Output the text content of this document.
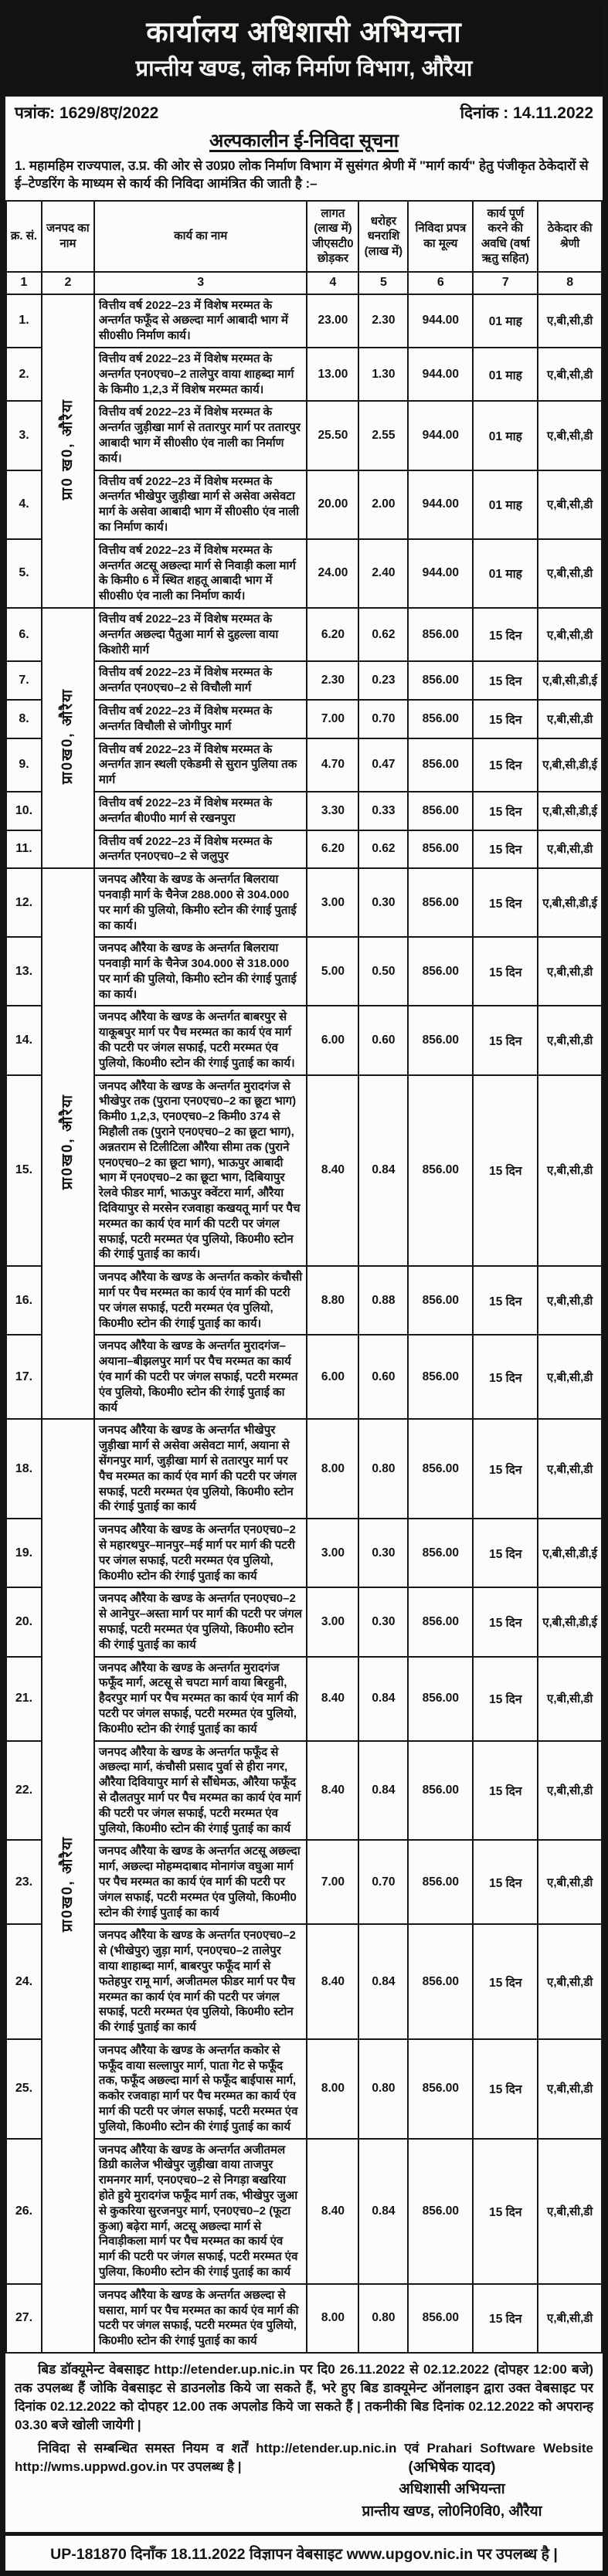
कार्यालय अधिशासी अभियन्ता
प्रान्तीय खण्ड, लोक निर्माण विभाग, औरैया
पत्रांक: 1629/8ए/2022	दिनांक : 14.11.2022
अल्पकालीन ई-निविदा सूचना

1. महामहिम राज्यपाल, उ.प्र. की ओर से उ0प्र0 लोक निर्माण विभाग में सुसंगत श्रेणी में "मार्ग कार्य" हेतु पंजीकृत ठेकेदारों से ई–टेण्डरिंग के माध्यम से कार्य की निविदा आमंत्रित की जाती है :–

क्र. सं.	जनपद का नाम	कार्य का नाम	लागत (लाख में) जीएसटी0 छोड़कर	धरोहर धनराशि (लाख में)	निविदा प्रपत्र का मूल्य	कार्य पूर्ण करने की अवधि (वर्षा ऋतु सहित)	ठेकेदार की श्रेणी
1	2	3	4	5	6	7	8
1.	प्रा0 ख0, औरैया	वित्तीय वर्ष 2022–23 में विशेष मरम्मत के अन्तर्गत फफूँद से अछल्दा मार्ग आबादी भाग में सी0सी0 निर्माण कार्य।	23.00	2.30	944.00	01 माह	ए,बी,सी,डी
2.		वित्तीय वर्ष 2022–23 में विशेष मरम्मत के अन्तर्गत एन0एच0–2 तालेपुर वाया शाहब्दा मार्ग के किमी0 1,2,3 में विशेष मरम्मत कार्य।	13.00	1.30	944.00	01 माह	ए,बी,सी,डी
3.		वित्तीय वर्ष 2022–23 में विशेष मरम्मत के अन्तर्गत जुड़ीखा मार्ग से ततारपुर मार्ग पर ततारपुर आबादी भाग में सी0सी0 एंव नाली का निर्माण कार्य।	25.50	2.55	944.00	01 माह	ए,बी,सी,डी
4.		वित्तीय वर्ष 2022–23 में विशेष मरम्मत के अन्तर्गत भीखेपुर जुड़ीखा मार्ग से असेवा असेवटा मार्ग के असेवा आबादी भाग में सी0सी0 एंव नाली का निर्माण कार्य।	20.00	2.00	944.00	01 माह	ए,बी,सी,डी
5.		वित्तीय वर्ष 2022–23 में विशेष मरम्मत के अन्तर्गत अटसू अछल्दा मार्ग से निवाड़ी कला मार्ग के किमी0 6 में स्थित शहतू आबादी भाग में सी0सी0 एंव नाली का निर्माण कार्य।	24.00	2.40	944.00	01 माह	ए,बी,सी,डी
6.	प्रा0ख0, औरैया	वित्तीय वर्ष 2022–23 में विशेष मरम्मत के अन्तर्गत अछल्दा पैतुआ मार्ग से दुहल्ला वाया किशोरी मार्ग	6.20	0.62	856.00	15 दिन	ए,बी,सी,डी
7.		वित्तीय वर्ष 2022–23 में विशेष मरम्मत के अन्तर्गत एन0एच0–2 से विचौली मार्ग	2.30	0.23	856.00	15 दिन	ए,बी,सी,डी,ई
8.		वित्तीय वर्ष 2022–23 में विशेष मरम्मत के अन्तर्गत विचौली से जोगीपुर मार्ग	7.00	0.70	856.00	15 दिन	ए,बी,सी,डी
9.		वित्तीय वर्ष 2022–23 में विशेष मरम्मत के अन्तर्गत ज्ञान स्थली एकेडमी से सुरान पुलिया तक मार्ग	4.70	0.47	856.00	15 दिन	ए,बी,सी,डी,ई
10.		वित्तीय वर्ष 2022–23 में विशेष मरम्मत के अन्तर्गत बी0पी0 मार्ग से रखनपुरा	3.30	0.33	856.00	15 दिन	ए,बी,सी,डी,ई
11.		वित्तीय वर्ष 2022–23 में विशेष मरम्मत के अन्तर्गत एन0एच0–2 से जलुपुर	6.20	0.62	856.00	15 दिन	ए,बी,सी,डी
12.	प्रा0ख0, औरैया	जनपद औरैया के खण्ड के अन्तर्गत बिलराया पनवाड़ी मार्ग के चैनेज 288.000 से 304.000 पर मार्ग की पुलियो, किमी0 स्टोन की रंगाई पुताई का कार्य।	3.00	0.30	856.00	15 दिन	ए,बी,सी,डी,ई
13.		जनपद औरैया के खण्ड के अन्तर्गत बिलराया पनवाड़ी मार्ग के चैनेज 304.000 से 318.000 पर मार्ग की पुलियो, किमी0 स्टोन की रंगाई पुताई का कार्य।	5.00	0.50	856.00	15 दिन	ए,बी,सी,डी
14.		जनपद औरैया के खण्ड के अन्तर्गत बाबरपुर से याकूबपुर मार्ग पर पैच मरम्मत का कार्य एंव मार्ग की पटरी पर जंगल सफाई, पटरी मरम्मत एंव पुलियो, कि0मी0 स्टोन की रंगाई पुताई का कार्य।	6.00	0.60	856.00	15 दिन	ए,बी,सी,डी
15.		जनपद औरैया के खण्ड के अन्तर्गत मुरादगंज से भीखेपुर तक (पुराना एन0एच0–2 का छूटा भाग) किमी0 1,2,3, एन0एच0–2 किमी0 374 से मिहौली तक (पुराने एन0एच0–2 का छूटा भाग), अन्नतराम से टिलीटिला औरैया सीमा तक (पुराने एन0एच0–2 का छूटा भाग), भाऊपुर आबादी भाग में एन0एच0–2 का छूटा भाग, दिबियापुर रेलवे फीडर मार्ग, भाऊपुर क्वेंटरा मार्ग, औरैया दिवियापुर से मरसेन रजवाहा कखयतू मार्ग पर पैच मरम्मत का कार्य एंव मार्ग की पटरी पर जंगल सफाई, पटरी मरम्मत एंव पुलियो, कि0मी0 स्टोन की रंगाई पुताई का कार्य।	8.40	0.84	856.00	15 दिन	ए,बी,सी,डी
16.		जनपद औरैया के खण्ड के अन्तर्गत ककोर कंचौसी मार्ग पर पैच मरम्मत का कार्य एंव मार्ग की पटरी पर जंगल सफाई, पटरी मरम्मत एंव पुलियो, कि0मी0 स्टोन की रंगाई पुताई का कार्य।	8.80	0.88	856.00	15 दिन	ए,बी,सी,डी
17.		जनपद औरैया के खण्ड के अन्तर्गत मुरादगंज–अयाना–बीझलपुर मार्ग पर पैच मरम्मत का कार्य एंव मार्ग की पटरी पर जंगल सफाई, पटरी मरम्मत एंव पुलियो, कि0मी0 स्टोन की रंगाई पुताई का कार्य	6.00	0.60	856.00	15 दिन	ए,बी,सी,डी
18.	प्रा0ख0, औरैया	जनपद औरैया के खण्ड के अन्तर्गत भीखेपुर जुड़ीखा मार्ग से असेवा असेवटा मार्ग, अयाना से सेंगनपुर मार्ग, जुड़ीखा मार्ग से ततारपुर मार्ग पर पैच मरम्मत का कार्य एंव मार्ग की पटरी पर जंगल सफाई, पटरी मरम्मत एंव पुलियो, कि0मी0 स्टोन की रंगाई पुताई का कार्य	8.00	0.80	856.00	15 दिन	ए,बी,सी,डी
19.		जनपद औरैया के खण्ड के अन्तर्गत एन0एच0–2 से महारथपुर–मानपुर–मई मार्ग पर मार्ग की पटरी पर जंगल सफाई, पटरी मरम्मत एंव पुलियो, कि0मी0 स्टोन की रंगाई पुताई का कार्य	3.00	0.30	856.00	15 दिन	ए,बी,सी,डी,ई
20.		जनपद औरैया के खण्ड के अन्तर्गत एन0एच0–2 से आनेपुर–अस्ता मार्ग पर मार्ग की पटरी पर जंगल सफाई, पटरी मरम्मत एंव पुलियो, कि0मी0 स्टोन की रंगाई पुताई का कार्य	3.00	0.30	856.00	15 दिन	ए,बी,सी,डी,ई
21.		जनपद औरैया के खण्ड के अन्तर्गत मुरादगंज फफूँद मार्ग, अटसू से चपटा मार्ग वाया बिरहुनी, हैदरपुर मार्ग पर पैच मरम्मत का कार्य एंव मार्ग की पटरी पर जंगल सफाई, पटरी मरम्मत एंव पुलियो, कि0मी0 स्टोन की रंगाई पुताई का कार्य	8.40	0.84	856.00	15 दिन	ए,बी,सी,डी
22.		जनपद औरैया के खण्ड के अन्तर्गत फफूँद से अछल्दा मार्ग, कंचौसी प्रसाद पुर्वा से हीरा नगर, औरैया दिवियापुर मार्ग से सौंधेमऊ, औरैया फफूँद से दौलतपुर मार्ग पर पैच मरम्मत का कार्य एंव मार्ग की पटरी पर जंगल सफाई, पटरी मरम्मत एंव पुलियो, कि0मी0 स्टोन की रंगाई पुताई का कार्य	8.40	0.84	856.00	15 दिन	ए,बी,सी,डी
23.		जनपद औरैया के खण्ड के अन्तर्गत अटसू अछल्दा मार्ग, अछल्दा मोहम्मदाबाद मोनागंज वघुआ मार्ग पर पैच मरम्मत का कार्य एंव मार्ग की पटरी पर जंगल सफाई, पटरी मरम्मत एंव पुलियो, कि0मी0 स्टोन की रंगाई पुताई का कार्य	7.00	0.70	856.00	15 दिन	ए,बी,सी,डी
24.		जनपद औरैया के खण्ड के अन्तर्गत एन0एच0–2 से (भीखेपुर) जुड़ा मार्ग, एन0एच0–2 तालेपुर वाया शाहाब्दा मार्ग, बाबरपुर फफूँद मार्ग से फतेहपुर रामू मार्ग, अजीतमल फीडर मार्ग पर पैच मरम्मत का कार्य एंव मार्ग की पटरी पर जंगल सफाई, पटरी मरम्मत एंव पुलियो, कि0मी0 स्टोन की रंगाई पुताई का कार्य	8.40	0.84	856.00	15 दिन	ए,बी,सी,डी
25.		जनपद औरैया के खण्ड के अन्तर्गत ककोर से फफूँद वाया सल्लापुर मार्ग, पाता गेट से फफूँद तक, फफूँद अछल्दा मार्ग से फफूँद बाईपास मार्ग, ककोर रजवाहा मार्ग पर पैच मरम्मत का कार्य एंव मार्ग की पटरी पर जंगल सफाई, पटरी मरम्मत एंव पुलियो, कि0मी0 स्टोन की रंगाई पुताई का कार्य	8.00	0.80	856.00	15 दिन	ए,बी,सी,डी
26.		जनपद औरैया के खण्ड के अन्तर्गत अजीतमल डिग्री कालेज भीखेपुर जुड़ीखा वाया ताजपुर रामनगर मार्ग, एन0एच0–2 से निगड़ा बखरिया होते हुये मुरादगंज फफूँद मार्ग तक, भीखेपुर जुआ से कुकरिया सुरजनपुर मार्ग, एन0एच0–2 (फूटा कुआ) बढ़ेरा मार्ग, अटसू अछल्दा मार्ग से निवाड़ीकला मार्ग पर पैच मरम्मत का कार्य एंव मार्ग की पटरी पर जंगल सफाई, पटरी मरम्मत एंव पुलिया, कि0मी0 स्टोन की रंगाई पुताई का कार्य	8.40	0.84	856.00	15 दिन	ए,बी,सी,डी
27.		जनपद औरैया के खण्ड के अन्तर्गत अछल्दा से घसारा, मार्ग पर पैच मरम्मत का कार्य एंव मार्ग की पटरी पर जंगल सफाई, पटरी मरम्मत एंव पुलियो, कि0मी0 स्टोन की रंगाई पुताई का कार्य	8.00	0.80	856.00	15 दिन	ए,बी,सी,डी

बिड डॉक्यूमेन्ट वेबसाइट http://etender.up.nic.in पर दि0 26.11.2022 से 02.12.2022 (दोपहर 12:00 बजे) तक उपलब्ध हैं जोकि वेबसाइट से डाउनलोड किये जा सकते हैं, भरे हुए बिड डाक्यूमेन्ट ऑनलाइन द्वारा उक्त वेबसाइट पर दिनांक 02.12.2022 को दोपहर 12.00 तक अपलोड किये जा सकते हैं | तकनीकी बिड दिनांक 02.12.2022 को अपरान्ह 03.30 बजे खोली जायेगी |

निविदा से सम्बन्धित समस्त नियम व शर्तें http://etender.up.nic.in एवं Prahari Software Website http://wms.uppwd.gov.in पर उपलब्ध है |	(अभिषेक यादव)
अधिशासी अभियन्ता
प्रान्तीय खण्ड, लो0नि0वि0, औरैया
UP-181870 दिनाँक 18.11.2022 विज्ञापन वेबसाइट www.upgov.nic.in पर उपलब्ध है |
